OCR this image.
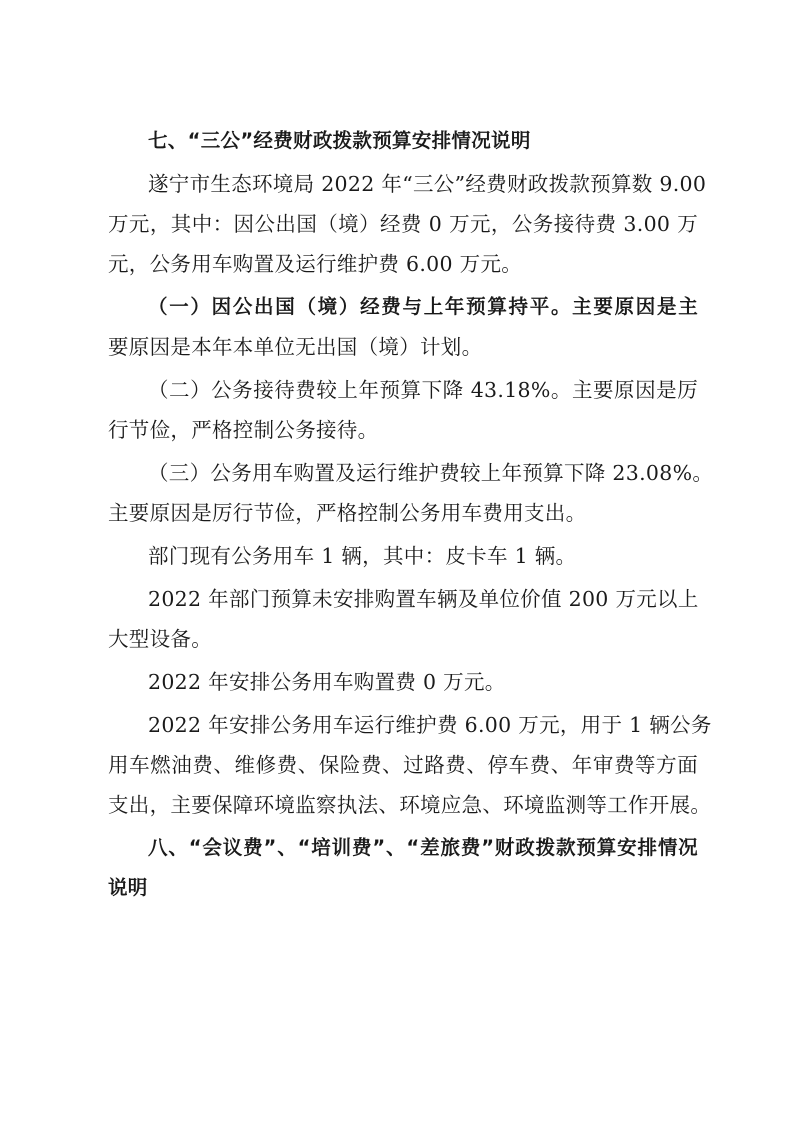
七、“三公”经费财政拨款预算安排情况说明
遂宁市生态环境局 2022 年“三公”经费财政拨款预算数 9.00
万元，其中：因公出国（境）经费 0 万元，公务接待费 3.00 万
元，公务用车购置及运行维护费 6.00 万元。
（一）因公出国（境）经费与上年预算持平。主要原因是主
要原因是本年本单位无出国（境）计划。
（二）公务接待费较上年预算下降 43.18%。主要原因是厉
行节俭，严格控制公务接待。
（三）公务用车购置及运行维护费较上年预算下降 23.08%。
主要原因是厉行节俭，严格控制公务用车费用支出。
部门现有公务用车 1 辆，其中：皮卡车 1 辆。
2022 年部门预算未安排购置车辆及单位价值 200 万元以上
大型设备。
2022 年安排公务用车购置费 0 万元。
2022 年安排公务用车运行维护费 6.00 万元，用于 1 辆公务
用车燃油费、维修费、保险费、过路费、停车费、年审费等方面
支出，主要保障环境监察执法、环境应急、环境监测等工作开展。
八、“会议费”、“培训费”、“差旅费”财政拨款预算安排情况
说明
